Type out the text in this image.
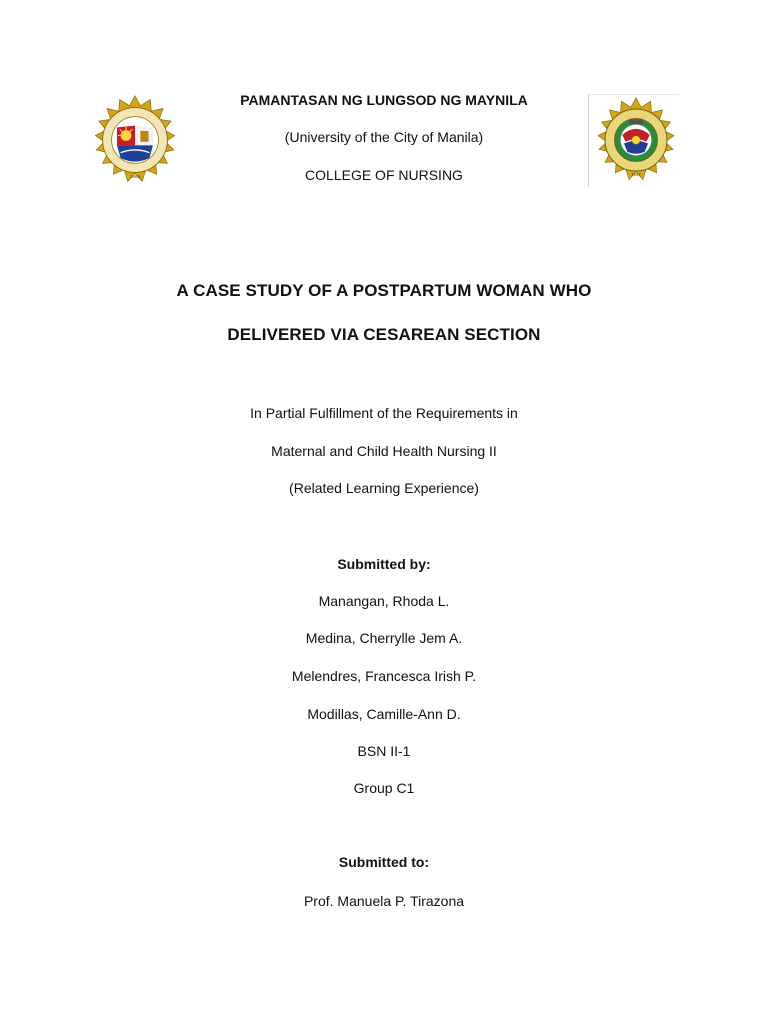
1965	1967
PAMANTASAN NG LUNGSOD NG MAYNILA
(University of the City of Manila)
COLLEGE OF NURSING
A CASE STUDY OF A POSTPARTUM WOMAN WHO
DELIVERED VIA CESAREAN SECTION
In Partial Fulfillment of the Requirements in
Maternal and Child Health Nursing II
(Related Learning Experience)
Submitted by:
Manangan, Rhoda L.
Medina, Cherrylle Jem A.
Melendres, Francesca Irish P.
Modillas, Camille-Ann D.
BSN II-1
Group C1
Submitted to:
Prof. Manuela P. Tirazona
